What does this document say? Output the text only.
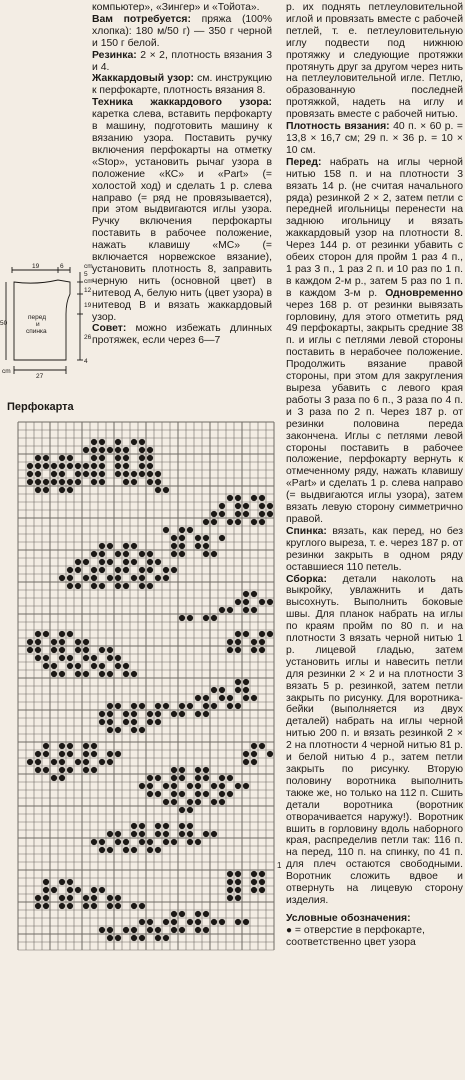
компьютер», «Зингер» и «Тойота».

Вам потребуется: пряжа (100% хлопка): 180 м/50 г) — 350 г черной и 150 г белой.

Резинка: 2 × 2, плотность вязания 3 и 4.

Жаккардовый узор: см. инструкцию к перфокарте, плотность вязания 8.

Техника жаккардового узора: каретка слева, вставить перфокарту в машину, подготовить машину к вязанию узора. Поставить ручку включения перфокарты на отметку «Stop», установить рычаг узора в положение «КС» и «Part» (= холостой ход) и сделать 1 р. слева направо (= ряд не провязывается), при этом выдвигаются иглы узора. Ручку включения перфокарты поставить в рабочее положение, нажать клавишу «МС» (= включается норвежское вязание), установить плотность 8, заправить черную нить (основной цвет) в нитевод А, белую нить (цвет узора) в нитевод В и вязать жаккардовый узор.

Совет: можно избежать длинных протяжек, если через 6—7

19	6	cm
5
cm
12
19
26
50
перед
и
спинка
4
cm
27
Перфокарта
1

р. их поднять петлеуловительной иглой и провязать вместе с рабочей петлей, т. е. петлеуловительную иглу подвести под нижнюю протяжку и следующие протяжки протянуть друг за другом через нить на петлеуловительной игле. Петлю, образованную последней протяжкой, надеть на иглу и провязать вместе с рабочей нитью.

Плотность вязания: 40 п. × 60 р. = 13,8 × 16,7 см; 29 п. × 36 р. = 10 × 10 см.

Перед: набрать на иглы черной нитью 158 п. и на плотности 3 вязать 14 р. (не считая начального ряда) резинкой 2 × 2, затем петли с передней игольницы перенести на заднюю игольницу и вязать жаккардовый узор на плотности 8. Через 144 р. от резинки убавить с обеих сторон для пройм 1 раз 4 п., 1 раз 3 п., 1 раз 2 п. и 10 раз по 1 п. в каждом 2-м р., затем 5 раз по 1 п. в каждом 3-м р. Одновременно через 168 р. от резинки вывязать горловину, для этого отметить ряд 49 перфокарты, закрыть средние 38 п. и иглы с петлями левой стороны поставить в нерабочее положение. Продолжить вязание правой стороны, при этом для закругления выреза убавить с левого края работы 3 раза по 6 п., 3 раза по 4 п. и 3 раза по 2 п. Через 187 р. от резинки половина переда закончена. Иглы с петлями левой стороны поставить в рабочее положение, перфокарту вернуть к отмеченному ряду, нажать клавишу «Part» и сделать 1 р. слева направо (= выдвигаются иглы узора), затем вязать левую сторону симметрично правой.

Спинка: вязать, как перед, но без круглого выреза, т. е. через 187 р. от резинки закрыть в одном ряду оставшиеся 110 петель.

Сборка: детали наколоть на выкройку, увлажнить и дать высохнуть. Выполнить боковые швы. Для планок набрать на иглы по краям пройм по 80 п. и на плотности 3 вязать черной нитью 1 р. лицевой гладью, затем установить иглы и навесить петли для резинки 2 × 2 и на плотности 3 вязать 5 р. резинкой, затем петли закрыть по рисунку. Для воротника-бейки (выполняется из двух деталей) набрать на иглы черной нитью 200 п. и вязать резинкой 2 × 2 на плотности 4 черной нитью 81 р. и белой нитью 4 р., затем петли закрыть по рисунку. Вторую половину воротника выполнить также же, но только на 112 п. Сшить детали воротника (воротник отворачивается наружу!). Воротник вшить в горловину вдоль наборного края, распределив петли так: 116 п. на перед, 110 п. на спинку, по 41 п. для плеч остаются свободными. Воротник сложить вдвое и отвернуть на лицевую сторону изделия.

Условные обозначения:

● = отверстие в перфокарте, соответственно цвет узора
